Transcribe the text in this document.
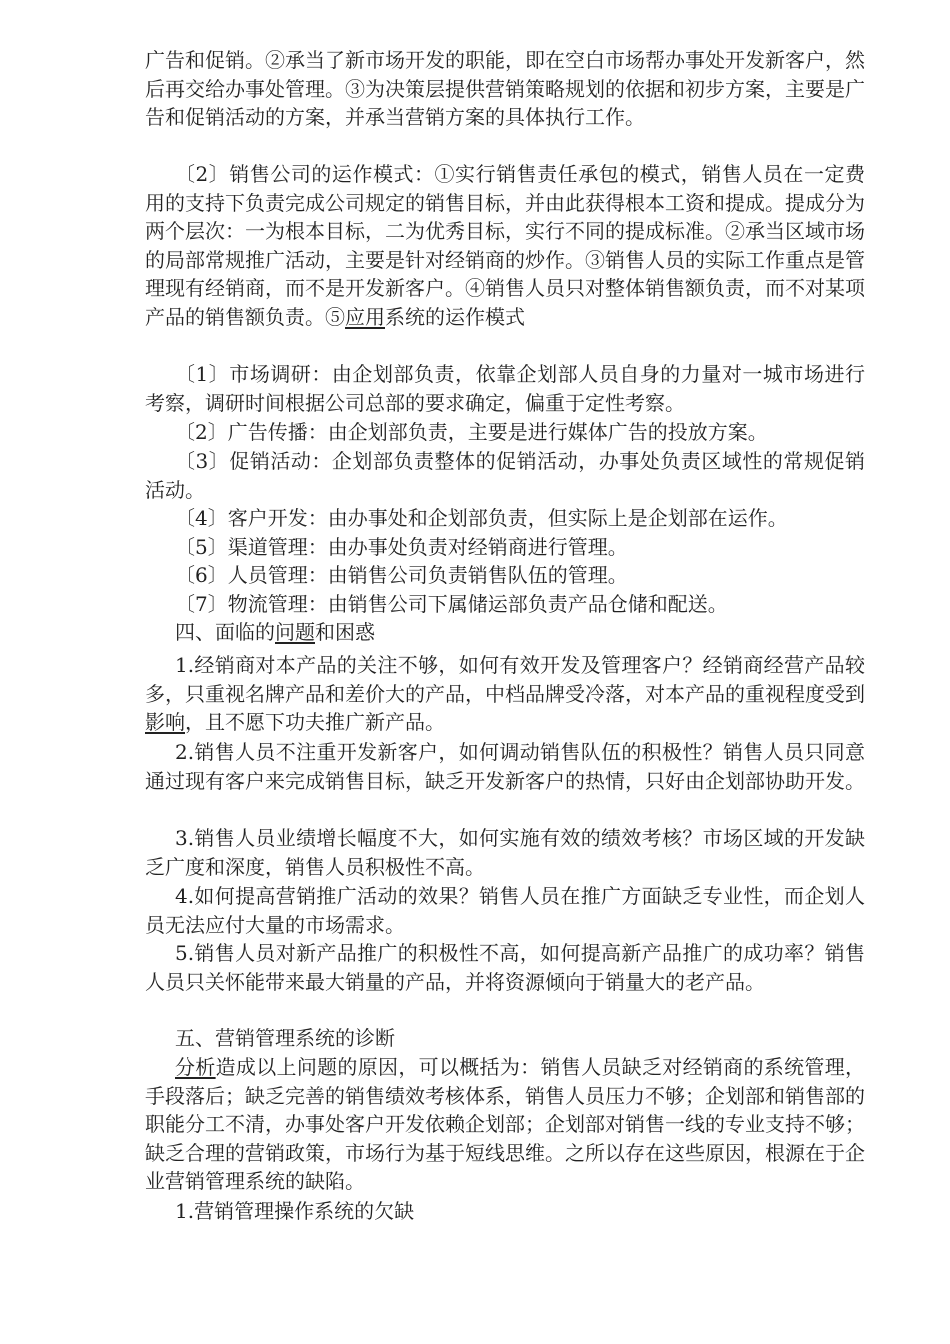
广告和促销。②承当了新市场开发的职能，即在空白市场帮办事处开发新客户，然后再交给办事处管理。③为决策层提供营销策略规划的依据和初步方案，主要是广告和促销活动的方案，并承当营销方案的具体执行工作。

〔2〕销售公司的运作模式：①实行销售责任承包的模式，销售人员在一定费用的支持下负责完成公司规定的销售目标，并由此获得根本工资和提成。提成分为两个层次：一为根本目标，二为优秀目标，实行不同的提成标准。②承当区域市场的局部常规推广活动，主要是针对经销商的炒作。③销售人员的实际工作重点是管理现有经销商，而不是开发新客户。④销售人员只对整体销售额负责，而不对某项产品的销售额负责。⑤应用系统的运作模式

〔1〕市场调研：由企划部负责，依靠企划部人员自身的力量对一城市场进行考察，调研时间根据公司总部的要求确定，偏重于定性考察。

〔2〕广告传播：由企划部负责，主要是进行媒体广告的投放方案。

〔3〕促销活动：企划部负责整体的促销活动，办事处负责区域性的常规促销活动。

〔4〕客户开发：由办事处和企划部负责，但实际上是企划部在运作。

〔5〕渠道管理：由办事处负责对经销商进行管理。

〔6〕人员管理：由销售公司负责销售队伍的管理。

〔7〕物流管理：由销售公司下属储运部负责产品仓储和配送。

四、面临的问题和困惑

1.经销商对本产品的关注不够，如何有效开发及管理客户？经销商经营产品较多，只重视名牌产品和差价大的产品，中档品牌受冷落，对本产品的重视程度受到影响，且不愿下功夫推广新产品。

2.销售人员不注重开发新客户，如何调动销售队伍的积极性？销售人员只同意通过现有客户来完成销售目标，缺乏开发新客户的热情，只好由企划部协助开发。

3.销售人员业绩增长幅度不大，如何实施有效的绩效考核？市场区域的开发缺乏广度和深度，销售人员积极性不高。

4.如何提高营销推广活动的效果？销售人员在推广方面缺乏专业性，而企划人员无法应付大量的市场需求。

5.销售人员对新产品推广的积极性不高，如何提高新产品推广的成功率？销售人员只关怀能带来最大销量的产品，并将资源倾向于销量大的老产品。

五、营销管理系统的诊断

分析造成以上问题的原因，可以概括为：销售人员缺乏对经销商的系统管理，手段落后；缺乏完善的销售绩效考核体系，销售人员压力不够；企划部和销售部的职能分工不清，办事处客户开发依赖企划部；企划部对销售一线的专业支持不够；缺乏合理的营销政策，市场行为基于短线思维。之所以存在这些原因，根源在于企业营销管理系统的缺陷。

1.营销管理操作系统的欠缺
